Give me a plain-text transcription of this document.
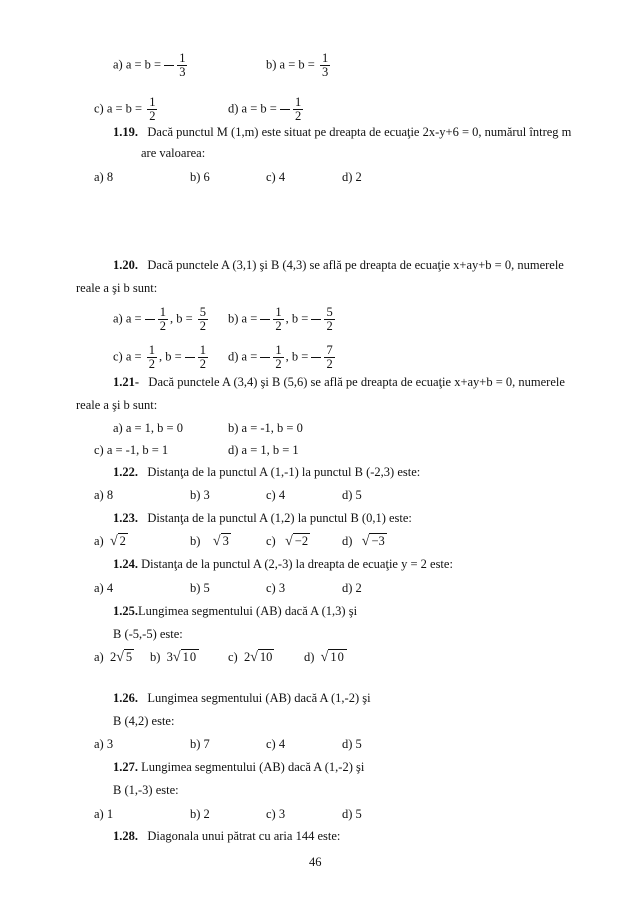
a) $a = b = \frac{1}{3}$	b) $a = b = \frac{1}{3}$
c) $a = b = \frac{1}{2}$	d) $a = b = \frac{1}{2}$
1.19. Dacă punctul M (1,m) este situat pe dreapta de ecuaţie 2x-y+6 = 0, numărul întreg m
are valoarea:
a) 8	b) 6	c) 4	d) 2
1.20. Dacă punctele A (3,1) şi B (4,3) se află pe dreapta de ecuaţie x+ay+b = 0, numerele
reale a şi b sunt:
a) $a = \frac{1}{2}$ , $b = \frac{5}{2} b$) $a = \frac{1}{2}$ , $b = \frac{5}{2}$
c) $a = \frac{1}{2}$ , $b = \frac{1}{2} d$) $a = \frac{1}{2}$ , $b = \frac{7}{2}$
1.21- Dacă punctele A (3,4) şi B (5,6) se află pe dreapta de ecuaţie x+ay+b = 0, numerele
reale a şi b sunt:
a) a = 1, b = 0	b) a = -1, b = 0
c) a = -1, b = 1	d) a = 1, b = 1
1.22. Distanţa de la punctul A (1,-1) la punctul B (-2,3) este:
a) 8	b) 3	c) 4	d) 5
1.23. Distanţa de la punctul A (1,2) la punctul B (0,1) este:
a) √ 2	b) √ 3	c) √ −2	d) √ −3
1.24. Distanţa de la punctul A (2,-3) la dreapta de ecuaţie y = 2 este:
a) 4	b) 5	c) 3	d) 2
1.25.Lungimea segmentului (AB) dacă A (1,3) şi
B (-5,-5) este:
a) 2√ 5 b) 3√ 10 c) 2√ 10	d) √ 10
1.26. Lungimea segmentului (AB) dacă A (1,-2) şi
B (4,2) este:
a) 3	b) 7	c) 4	d) 5
1.27. Lungimea segmentului (AB) dacă A (1,-2) şi
B (1,-3) este:
a) 1	b) 2	c) 3	d) 5
1.28. Diagonala unui pătrat cu aria 144 este:
46
